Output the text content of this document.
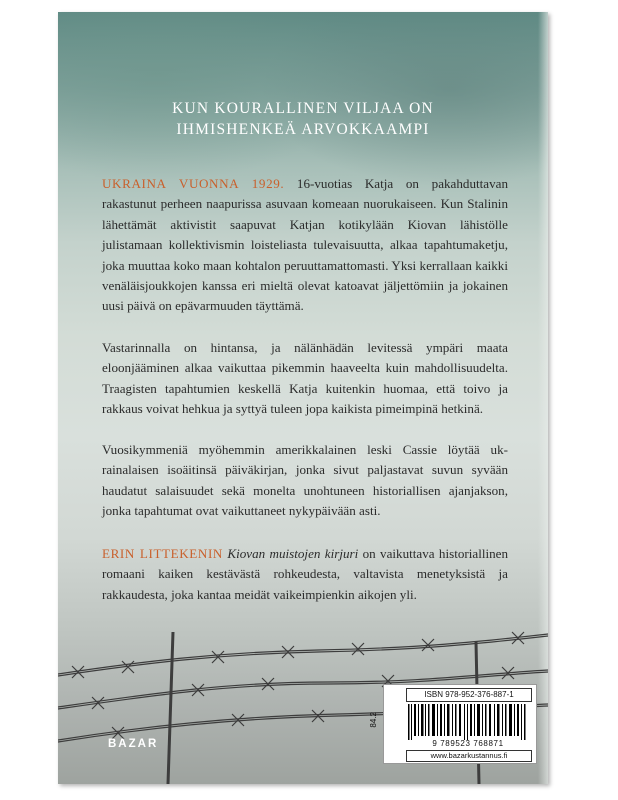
KUN KOURALLINEN VILJAA ON
IHMISHENKEÄ ARVOKKAAMPI
UKRAINA VUONNA 1929. 16-vuotias Katja on pakahduttavan rakastunut perheen naapurissa asuvaan komeaan nuorukaiseen. Kun Stalinin lähettämät aktivistit saapuvat Katjan kotikylään Kiovan lähistölle julistamaan kollektivismin loisteliasta tulevaisuutta, alkaa tapahtumaketju, joka muuttaa koko maan kohtalon peruuttamattomasti. Yksi kerrallaan kaikki venäläisjoukkojen kanssa eri mieltä olevat katoavat jäljettömiin ja jokainen uusi päivä on epävarmuuden täyttämä.
Vastarinnalla on hintansa, ja nälänhädän levitessä ympäri maata eloonjääminen alkaa vaikuttaa pikemmin haaveelta kuin mahdollisuudelta. Traagisten tapahtumien keskellä Katja kuitenkin huomaa, että toivo ja rakkaus voivat hehkua ja syttyä tuleen jopa kaikista pimeimpinä hetkinä.
Vuosikymmeniä myöhemmin amerikkalainen leski Cassie löytää ukrainalaisen isoäitinsä päiväkirjan, jonka sivut paljastavat suvun syvään haudatut salaisuudet sekä monelta unohtuneen historiallisen ajanjakson, jonka tapahtumat ovat vaikuttaneet nykypäivään asti.
ERIN LITTEKENIN Kiovan muistojen kirjuri on vaikuttava historiallinen romaani kaiken kestävästä rohkeudesta, valtavista menetyksistä ja rakkaudesta, joka kantaa meidät vaikeimpienkin aikojen yli.
BAZAR
84.2
ISBN 978-952-376-887-1
9 789523 768871
www.bazarkustannus.fi
